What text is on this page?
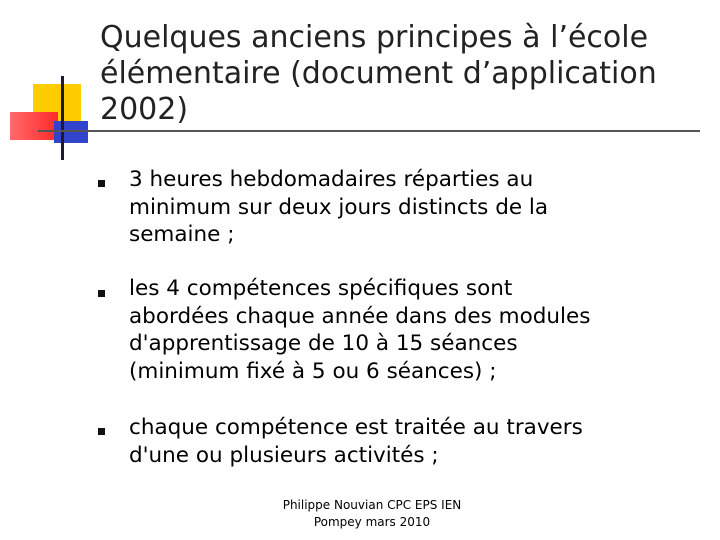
Quelques anciens principes à l’école
élémentaire (document d’application
2002)
3 heures hebdomadaires réparties au
minimum sur deux jours distincts de la
semaine ;
les 4 compétences spécifiques sont
abordées chaque année dans des modules
d'apprentissage de 10 à 15 séances
(minimum fixé à 5 ou 6 séances) ;
chaque compétence est traitée au travers
d'une ou plusieurs activités ;
Philippe Nouvian CPC EPS IEN
Pompey mars 2010
